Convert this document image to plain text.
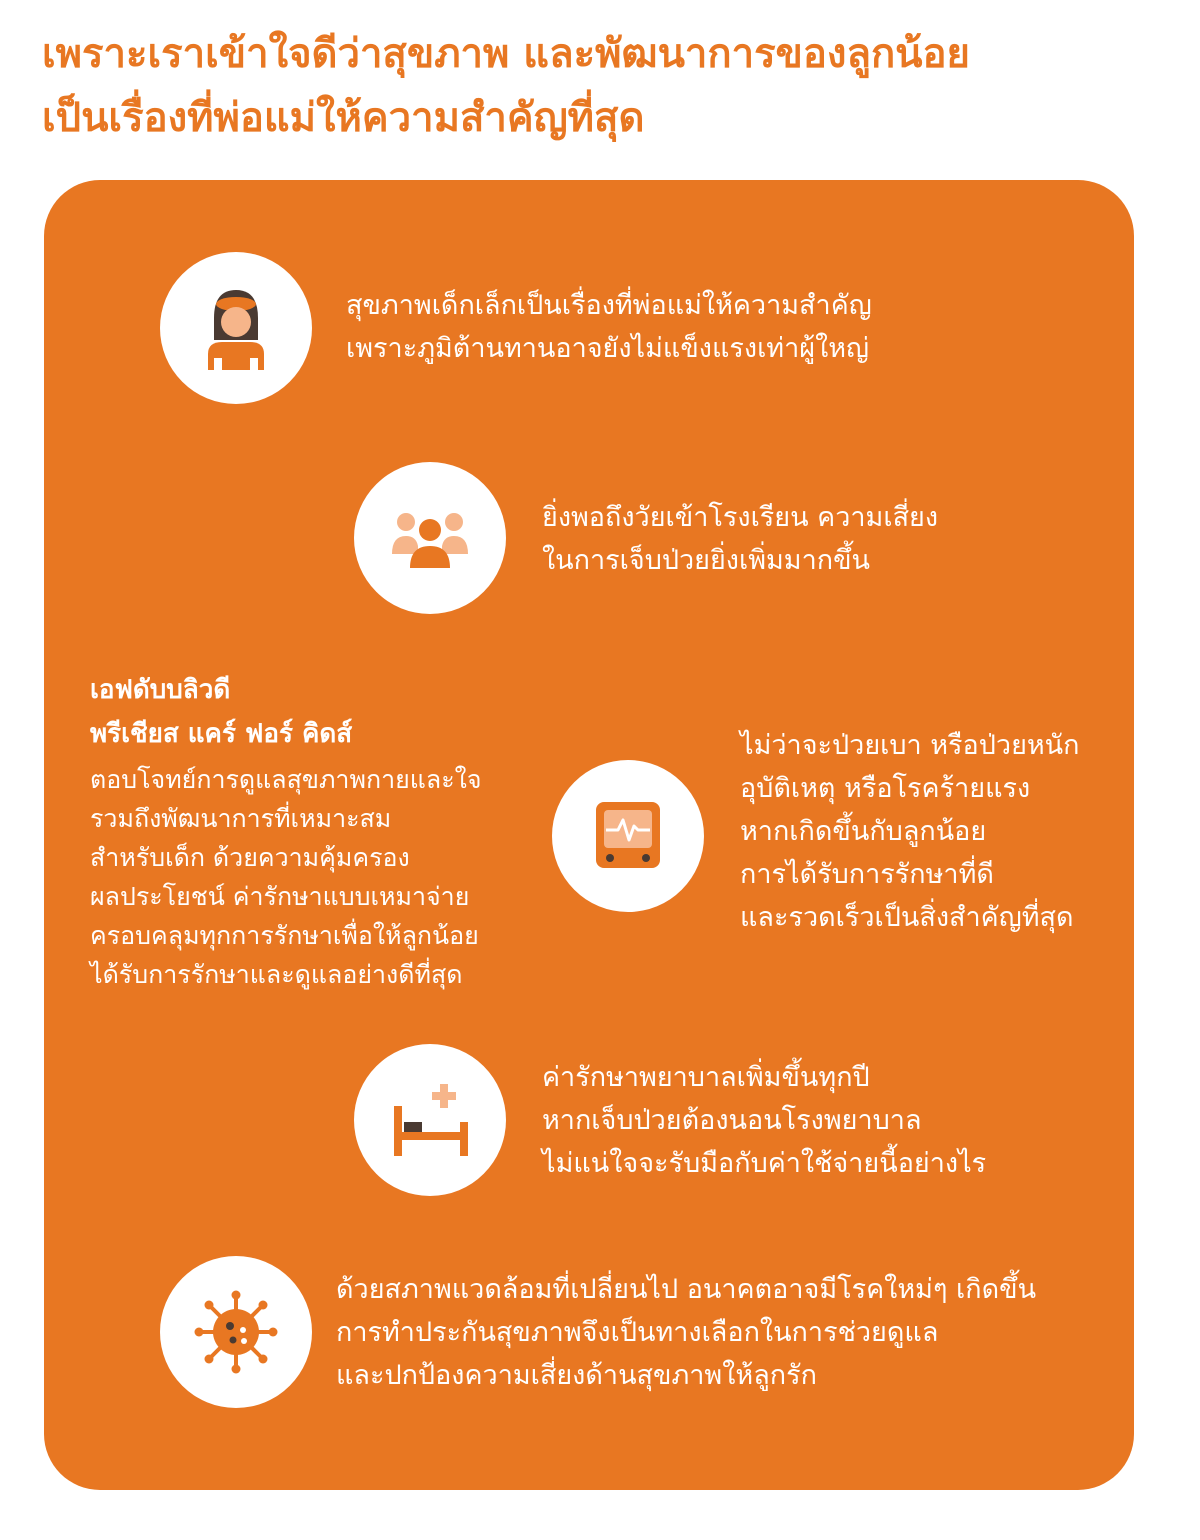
เพราะเราเข้าใจดีว่าสุขภาพ และพัฒนาการของลูกน้อย
เป็นเรื่องที่พ่อแม่ให้ความสำคัญที่สุด

สุขภาพเด็กเล็กเป็นเรื่องที่พ่อแม่ให้ความสำคัญ
เพราะภูมิต้านทานอาจยังไม่แข็งแรงเท่าผู้ใหญ่

ยิ่งพอถึงวัยเข้าโรงเรียน ความเสี่ยง
ในการเจ็บป่วยยิ่งเพิ่มมากขึ้น

เอฟดับบลิวดี
พรีเชียส แคร์ ฟอร์ คิดส์

ตอบโจทย์การดูแลสุขภาพกายและใจ
รวมถึงพัฒนาการที่เหมาะสม
สำหรับเด็ก ด้วยความคุ้มครอง
ผลประโยชน์ ค่ารักษาแบบเหมาจ่าย
ครอบคลุมทุกการรักษาเพื่อให้ลูกน้อย
ได้รับการรักษาและดูแลอย่างดีที่สุด

ไม่ว่าจะป่วยเบา หรือป่วยหนัก
อุบัติเหตุ หรือโรคร้ายแรง
หากเกิดขึ้นกับลูกน้อย
การได้รับการรักษาที่ดี
และรวดเร็วเป็นสิ่งสำคัญที่สุด

ค่ารักษาพยาบาลเพิ่มขึ้นทุกปี
หากเจ็บป่วยต้องนอนโรงพยาบาล
ไม่แน่ใจจะรับมือกับค่าใช้จ่ายนี้อย่างไร

ด้วยสภาพแวดล้อมที่เปลี่ยนไป อนาคตอาจมีโรคใหม่ๆ เกิดขึ้น
การทำประกันสุขภาพจึงเป็นทางเลือกในการช่วยดูแล
และปกป้องความเสี่ยงด้านสุขภาพให้ลูกรัก
